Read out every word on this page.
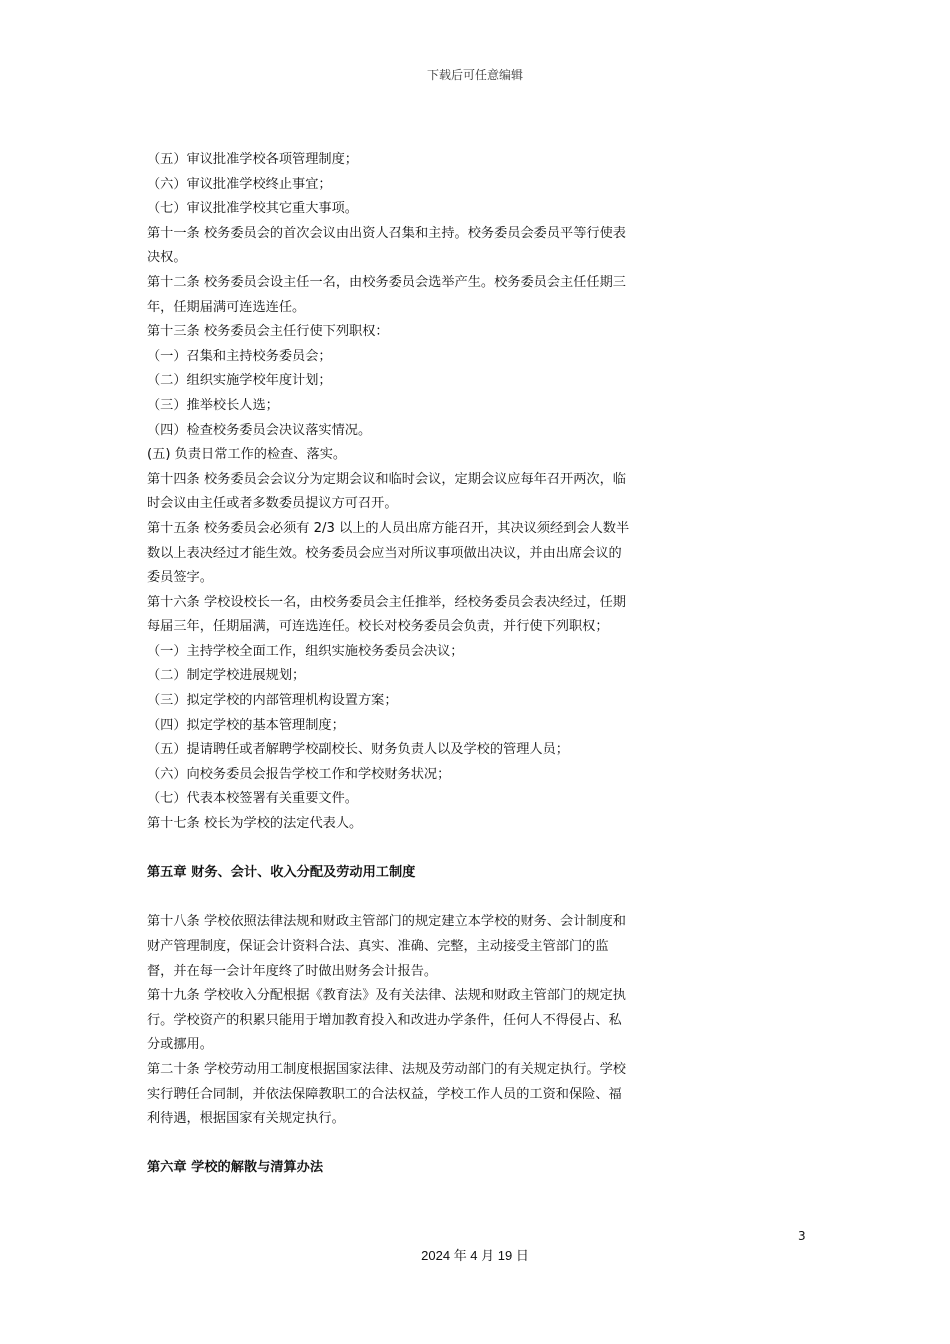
下载后可任意编辑
（五）审议批准学校各项管理制度；
（六）审议批准学校终止事宜；
（七）审议批准学校其它重大事项。
第十一条 校务委员会的首次会议由出资人召集和主持。校务委员会委员平等行使表
决权。
第十二条 校务委员会设主任一名，由校务委员会选举产生。校务委员会主任任期三
年，任期届满可连选连任。
第十三条 校务委员会主任行使下列职权：
（一）召集和主持校务委员会；
（二）组织实施学校年度计划；
（三）推举校长人选；
（四）检查校务委员会决议落实情况。
(五) 负责日常工作的检查、落实。
第十四条 校务委员会会议分为定期会议和临时会议，定期会议应每年召开两次，临
时会议由主任或者多数委员提议方可召开。
第十五条 校务委员会必须有 2/3 以上的人员出席方能召开，其决议须经到会人数半
数以上表决经过才能生效。校务委员会应当对所议事项做出决议，并由出席会议的
委员签字。
第十六条 学校设校长一名，由校务委员会主任推举，经校务委员会表决经过，任期
每届三年，任期届满，可连选连任。校长对校务委员会负责，并行使下列职权；
（一）主持学校全面工作，组织实施校务委员会决议；
（二）制定学校进展规划；
（三）拟定学校的内部管理机构设置方案；
（四）拟定学校的基本管理制度；
（五）提请聘任或者解聘学校副校长、财务负责人以及学校的管理人员；
（六）向校务委员会报告学校工作和学校财务状况；
（七）代表本校签署有关重要文件。
第十七条 校长为学校的法定代表人。
第五章 财务、会计、收入分配及劳动用工制度
第十八条 学校依照法律法规和财政主管部门的规定建立本学校的财务、会计制度和
财产管理制度，保证会计资料合法、真实、准确、完整，主动接受主管部门的监
督，并在每一会计年度终了时做出财务会计报告。
第十九条 学校收入分配根据《教育法》及有关法律、法规和财政主管部门的规定执
行。学校资产的积累只能用于增加教育投入和改进办学条件，任何人不得侵占、私
分或挪用。
第二十条 学校劳动用工制度根据国家法律、法规及劳动部门的有关规定执行。学校
实行聘任合同制，并依法保障教职工的合法权益，学校工作人员的工资和保险、福
利待遇，根据国家有关规定执行。
第六章 学校的解散与清算办法
3
2024 年 4 月 19 日
